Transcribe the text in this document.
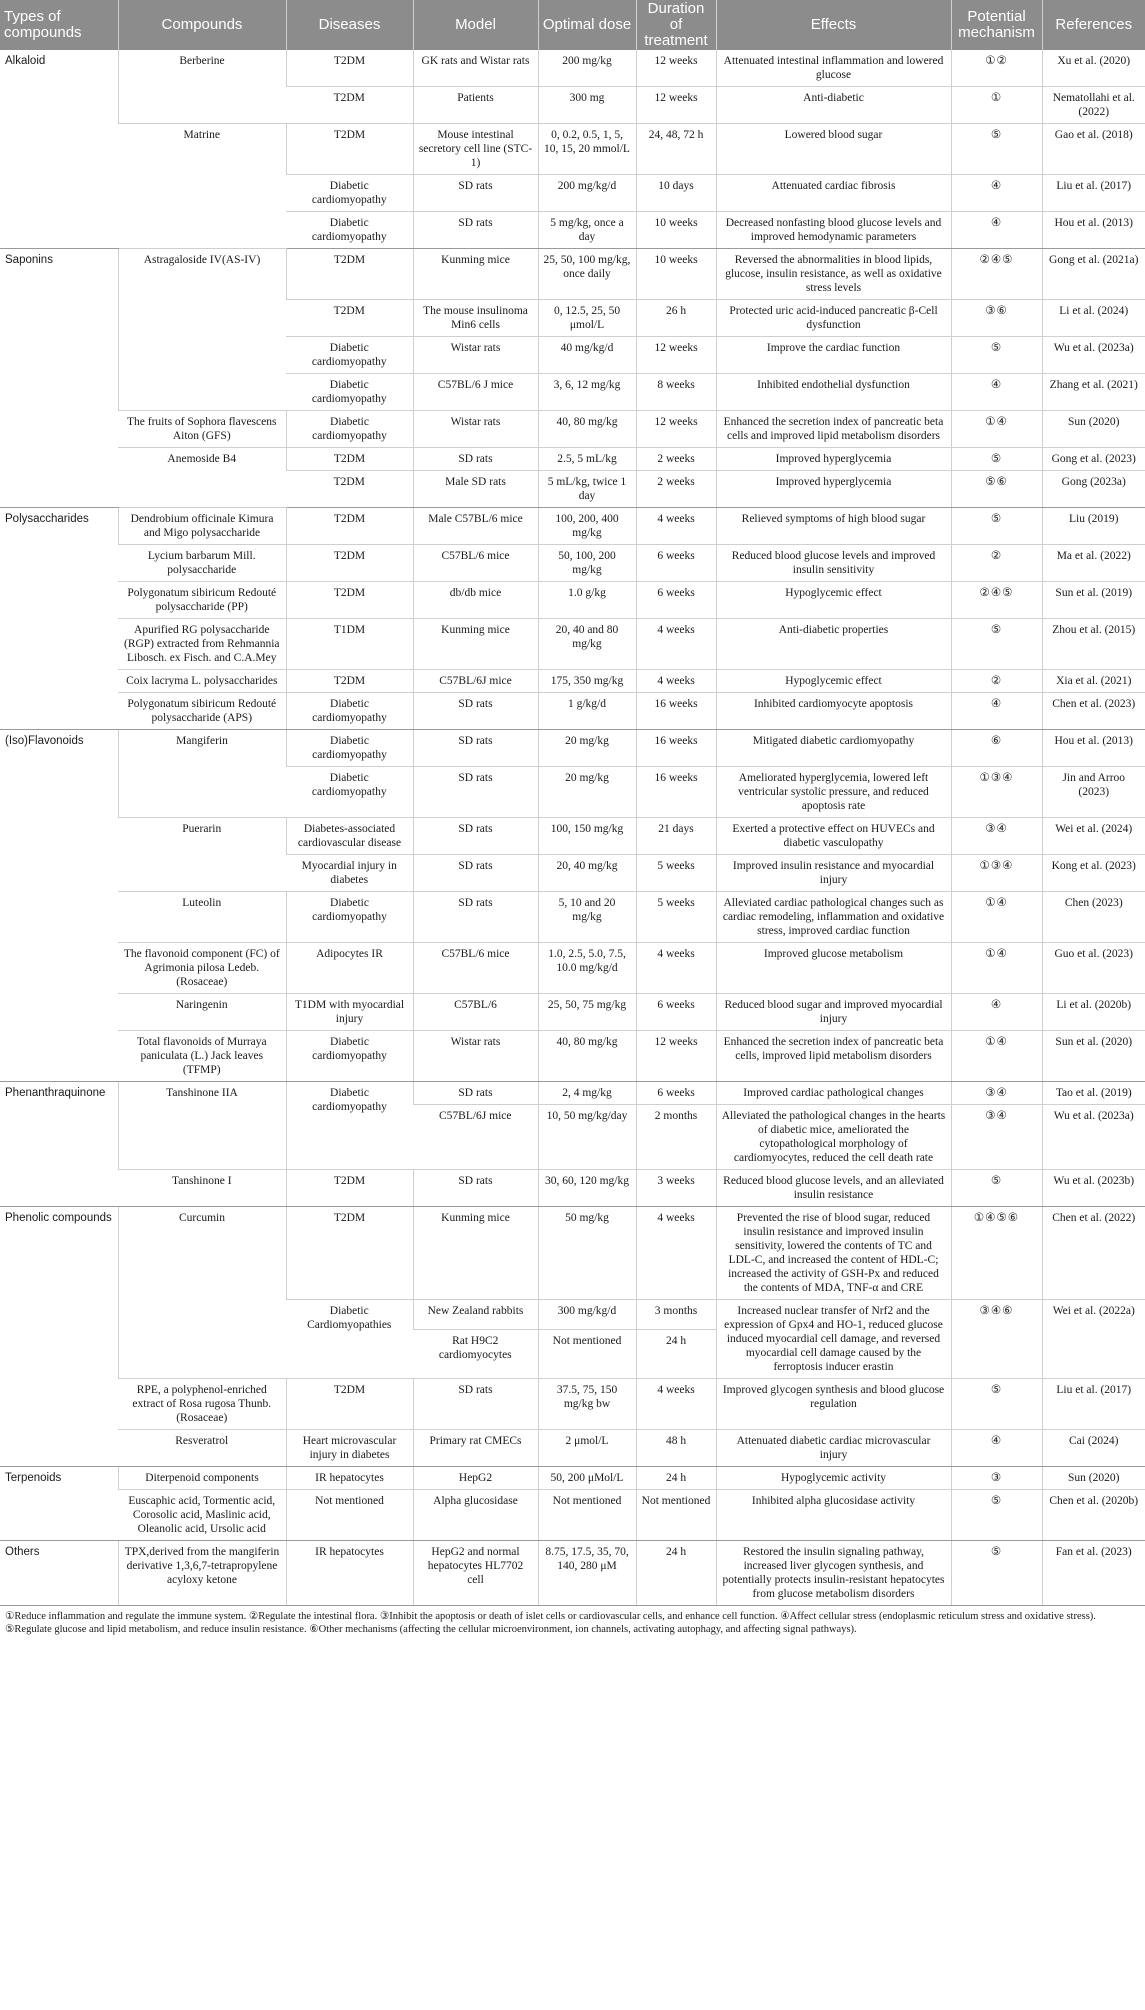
Types of compounds	Compounds	Diseases	Model	Optimal dose	Duration of treatment	Effects	Potential mechanism	References
Alkaloid	Berberine	T2DM	GK rats and Wistar rats	200 mg/kg	12 weeks	Attenuated intestinal inflammation and lowered glucose	①②	Xu et al. (2020)
		T2DM	Patients	300 mg	12 weeks	Anti-diabetic	①	Nematollahi et al. (2022)
	Matrine	T2DM	Mouse intestinal secretory cell line (STC-1)	0, 0.2, 0.5, 1, 5, 10, 15, 20 mmol/L	24, 48, 72 h	Lowered blood sugar	⑤	Gao et al. (2018)
		Diabetic cardiomyopathy	SD rats	200 mg/kg/d	10 days	Attenuated cardiac fibrosis	④	Liu et al. (2017)
		Diabetic cardiomyopathy	SD rats	5 mg/kg, once a day	10 weeks	Decreased nonfasting blood glucose levels and improved hemodynamic parameters	④	Hou et al. (2013)
Saponins	Astragaloside IV(AS-IV)	T2DM	Kunming mice	25, 50, 100 mg/kg, once daily	10 weeks	Reversed the abnormalities in blood lipids, glucose, insulin resistance, as well as oxidative stress levels	②④⑤	Gong et al. (2021a)
		T2DM	The mouse insulinoma Min6 cells	0, 12.5, 25, 50 μmol/L	26 h	Protected uric acid-induced pancreatic β-Cell dysfunction	③⑥	Li et al. (2024)
		Diabetic cardiomyopathy	Wistar rats	40 mg/kg/d	12 weeks	Improve the cardiac function	⑤	Wu et al. (2023a)
		Diabetic cardiomyopathy	C57BL/6 J mice	3, 6, 12 mg/kg	8 weeks	Inhibited endothelial dysfunction	④	Zhang et al. (2021)
	The fruits of Sophora flavescens Aiton (GFS)	Diabetic cardiomyopathy	Wistar rats	40, 80 mg/kg	12 weeks	Enhanced the secretion index of pancreatic beta cells and improved lipid metabolism disorders	①④	Sun (2020)
	Anemoside B4	T2DM	SD rats	2.5, 5 mL/kg	2 weeks	Improved hyperglycemia	⑤	Gong et al. (2023)
		T2DM	Male SD rats	5 mL/kg, twice 1 day	2 weeks	Improved hyperglycemia	⑤⑥	Gong (2023a)
Polysaccharides	Dendrobium officinale Kimura and Migo polysaccharide	T2DM	Male C57BL/6 mice	100, 200, 400 mg/kg	4 weeks	Relieved symptoms of high blood sugar	⑤	Liu (2019)
	Lycium barbarum Mill. polysaccharide	T2DM	C57BL/6 mice	50, 100, 200 mg/kg	6 weeks	Reduced blood glucose levels and improved insulin sensitivity	②	Ma et al. (2022)
	Polygonatum sibiricum Redouté polysaccharide (PP)	T2DM	db/db mice	1.0 g/kg	6 weeks	Hypoglycemic effect	②④⑤	Sun et al. (2019)
	Apurified RG polysaccharide (RGP) extracted from Rehmannia Libosch. ex Fisch. and C.A.Mey	T1DM	Kunming mice	20, 40 and 80 mg/kg	4 weeks	Anti-diabetic properties	⑤	Zhou et al. (2015)
	Coix lacryma L. polysaccharides	T2DM	C57BL/6J mice	175, 350 mg/kg	4 weeks	Hypoglycemic effect	②	Xia et al. (2021)
	Polygonatum sibiricum Redouté polysaccharide (APS)	Diabetic cardiomyopathy	SD rats	1 g/kg/d	16 weeks	Inhibited cardiomyocyte apoptosis	④	Chen et al. (2023)
(Iso)Flavonoids	Mangiferin	Diabetic cardiomyopathy	SD rats	20 mg/kg	16 weeks	Mitigated diabetic cardiomyopathy	⑥	Hou et al. (2013)
		Diabetic cardiomyopathy	SD rats	20 mg/kg	16 weeks	Ameliorated hyperglycemia, lowered left ventricular systolic pressure, and reduced apoptosis rate	①③④	Jin and Arroo (2023)
	Puerarin	Diabetes-associated cardiovascular disease	SD rats	100, 150 mg/kg	21 days	Exerted a protective effect on HUVECs and diabetic vasculopathy	③④	Wei et al. (2024)
		Myocardial injury in diabetes	SD rats	20, 40 mg/kg	5 weeks	Improved insulin resistance and myocardial injury	①③④	Kong et al. (2023)
	Luteolin	Diabetic cardiomyopathy	SD rats	5, 10 and 20 mg/kg	5 weeks	Alleviated cardiac pathological changes such as cardiac remodeling, inflammation and oxidative stress, improved cardiac function	①④	Chen (2023)
	The flavonoid component (FC) of Agrimonia pilosa Ledeb. (Rosaceae)	Adipocytes IR	C57BL/6 mice	1.0, 2.5, 5.0, 7.5, 10.0 mg/kg/d	4 weeks	Improved glucose metabolism	①④	Guo et al. (2023)
	Naringenin	T1DM with myocardial injury	C57BL/6	25, 50, 75 mg/kg	6 weeks	Reduced blood sugar and improved myocardial injury	④	Li et al. (2020b)
	Total flavonoids of Murraya paniculata (L.) Jack leaves (TFMP)	Diabetic cardiomyopathy	Wistar rats	40, 80 mg/kg	12 weeks	Enhanced the secretion index of pancreatic beta cells, improved lipid metabolism disorders	①④	Sun et al. (2020)
Phenanthraquinone	Tanshinone IIA	Diabetic cardiomyopathy	SD rats	2, 4 mg/kg	6 weeks	Improved cardiac pathological changes	③④	Tao et al. (2019)
			C57BL/6J mice	10, 50 mg/kg/day	2 months	Alleviated the pathological changes in the hearts of diabetic mice, ameliorated the cytopathological morphology of cardiomyocytes, reduced the cell death rate	③④	Wu et al. (2023a)
	Tanshinone I	T2DM	SD rats	30, 60, 120 mg/kg	3 weeks	Reduced blood glucose levels, and an alleviated insulin resistance	⑤	Wu et al. (2023b)
Phenolic compounds	Curcumin	T2DM	Kunming mice	50 mg/kg	4 weeks	Prevented the rise of blood sugar, reduced insulin resistance and improved insulin sensitivity, lowered the contents of TC and LDL-C, and increased the content of HDL-C; increased the activity of GSH-Px and reduced the contents of MDA, TNF-α and CRE	①④⑤⑥	Chen et al. (2022)
		Diabetic Cardiomyopathies	New Zealand rabbits	300 mg/kg/d	3 months	Increased nuclear transfer of Nrf2 and the expression of Gpx4 and HO-1, reduced glucose induced myocardial cell damage, and reversed myocardial cell damage caused by the ferroptosis inducer erastin	③④⑥	Wei et al. (2022a)
			Rat H9C2 cardiomyocytes	Not mentioned	24 h			
	RPE, a polyphenol-enriched extract of Rosa rugosa Thunb. (Rosaceae)	T2DM	SD rats	37.5, 75, 150 mg/kg bw	4 weeks	Improved glycogen synthesis and blood glucose regulation	⑤	Liu et al. (2017)
	Resveratrol	Heart microvascular injury in diabetes	Primary rat CMECs	2 μmol/L	48 h	Attenuated diabetic cardiac microvascular injury	④	Cai (2024)
Terpenoids	Diterpenoid components	IR hepatocytes	HepG2	50, 200 μMol/L	24 h	Hypoglycemic activity	③	Sun (2020)
	Euscaphic acid, Tormentic acid, Corosolic acid, Maslinic acid, Oleanolic acid, Ursolic acid	Not mentioned	Alpha glucosidase	Not mentioned	Not mentioned	Inhibited alpha glucosidase activity	⑤	Chen et al. (2020b)
Others	TPX,derived from the mangiferin derivative 1,3,6,7-tetrapropylene acyloxy ketone	IR hepatocytes	HepG2 and normal hepatocytes HL7702 cell	8.75, 17.5, 35, 70, 140, 280 μM	24 h	Restored the insulin signaling pathway, increased liver glycogen synthesis, and potentially protects insulin-resistant hepatocytes from glucose metabolism disorders	⑤	Fan et al. (2023)
①Reduce inflammation and regulate the immune system. ②Regulate the intestinal flora. ③Inhibit the apoptosis or death of islet cells or cardiovascular cells, and enhance cell function. ④Affect cellular stress (endoplasmic reticulum stress and oxidative stress). ⑤Regulate glucose and lipid metabolism, and reduce insulin resistance. ⑥Other mechanisms (affecting the cellular microenvironment, ion channels, activating autophagy, and affecting signal pathways).
